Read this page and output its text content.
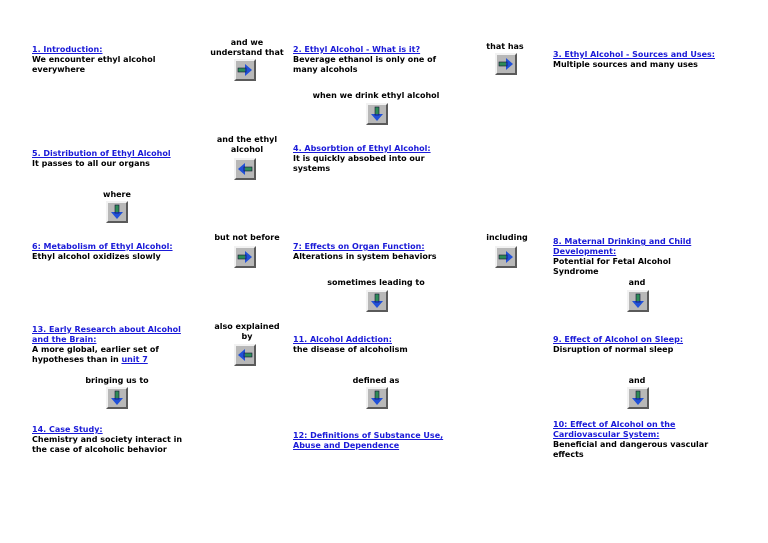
1. Introduction:
We encounter ethyl alcohol everywhere
and we understand that	2. Ethyl Alcohol - What is it?
Beverage ethanol is only one of many alcohols
that has
3. Ethyl Alcohol - Sources and Uses:
Multiple sources and many uses
when we drink ethyl alcohol
and the ethyl alcohol
5. Distribution of Ethyl Alcohol
It passes to all our organs
4. Absorbtion of Ethyl Alcohol:
It is quickly absobed into our systems
where
6: Metabolism of Ethyl Alcohol:
Ethyl alcohol oxidizes slowly
but not before
7: Effects on Organ Function:
Alterations in system behaviors
including	8. Maternal Drinking and Child Development:
Potential for Fetal Alcohol Syndrome
sometimes leading to	and
13. Early Research about Alcohol and the Brain:
A more global, earlier set of hypotheses than in unit 7
also explained by	11. Alcohol Addiction:
the disease of alcoholism
9. Effect of Alcohol on Sleep:
Disruption of normal sleep
bringing us to	defined as	and
14. Case Study:
Chemistry and society interact in the case of alcoholic behavior
12: Definitions of Substance Use, Abuse and Dependence
10: Effect of Alcohol on the Cardiovascular System:
Beneficial and dangerous vascular effects
